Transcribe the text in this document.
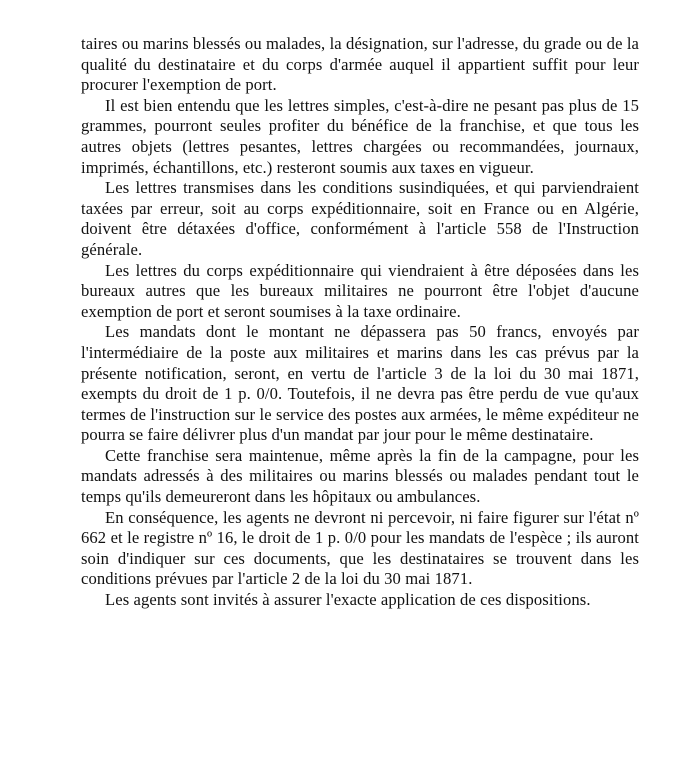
taires ou marins blessés ou malades, la désignation, sur l'adresse, du grade ou de la qualité du destinataire et du corps d'armée auquel il appartient suffit pour leur procurer l'exemption de port.

Il est bien entendu que les lettres simples, c'est-à-dire ne pesant pas plus de 15 grammes, pourront seules profiter du bénéfice de la franchise, et que tous les autres objets (lettres pesantes, lettres chargées ou recommandées, journaux, imprimés, échantillons, etc.) resteront soumis aux taxes en vigueur.

Les lettres transmises dans les conditions susindiquées, et qui parviendraient taxées par erreur, soit au corps expéditionnaire, soit en France ou en Algérie, doivent être détaxées d'office, conformément à l'article 558 de l'Instruction générale.

Les lettres du corps expéditionnaire qui viendraient à être déposées dans les bureaux autres que les bureaux militaires ne pourront être l'objet d'aucune exemption de port et seront soumises à la taxe ordinaire.

Les mandats dont le montant ne dépassera pas 50 francs, envoyés par l'intermédiaire de la poste aux militaires et marins dans les cas prévus par la présente notification, seront, en vertu de l'article 3 de la loi du 30 mai 1871, exempts du droit de 1 p. 0/0. Toutefois, il ne devra pas être perdu de vue qu'aux termes de l'instruction sur le service des postes aux armées, le même expéditeur ne pourra se faire délivrer plus d'un mandat par jour pour le même destinataire.

Cette franchise sera maintenue, même après la fin de la campagne, pour les mandats adressés à des militaires ou marins blessés ou malades pendant tout le temps qu'ils demeureront dans les hôpitaux ou ambulances.

En conséquence, les agents ne devront ni percevoir, ni faire figurer sur l'état nº 662 et le registre nº 16, le droit de 1 p. 0/0 pour les mandats de l'espèce ; ils auront soin d'indiquer sur ces documents, que les destinataires se trouvent dans les conditions prévues par l'article 2 de la loi du 30 mai 1871.

Les agents sont invités à assurer l'exacte application de ces dispositions.
